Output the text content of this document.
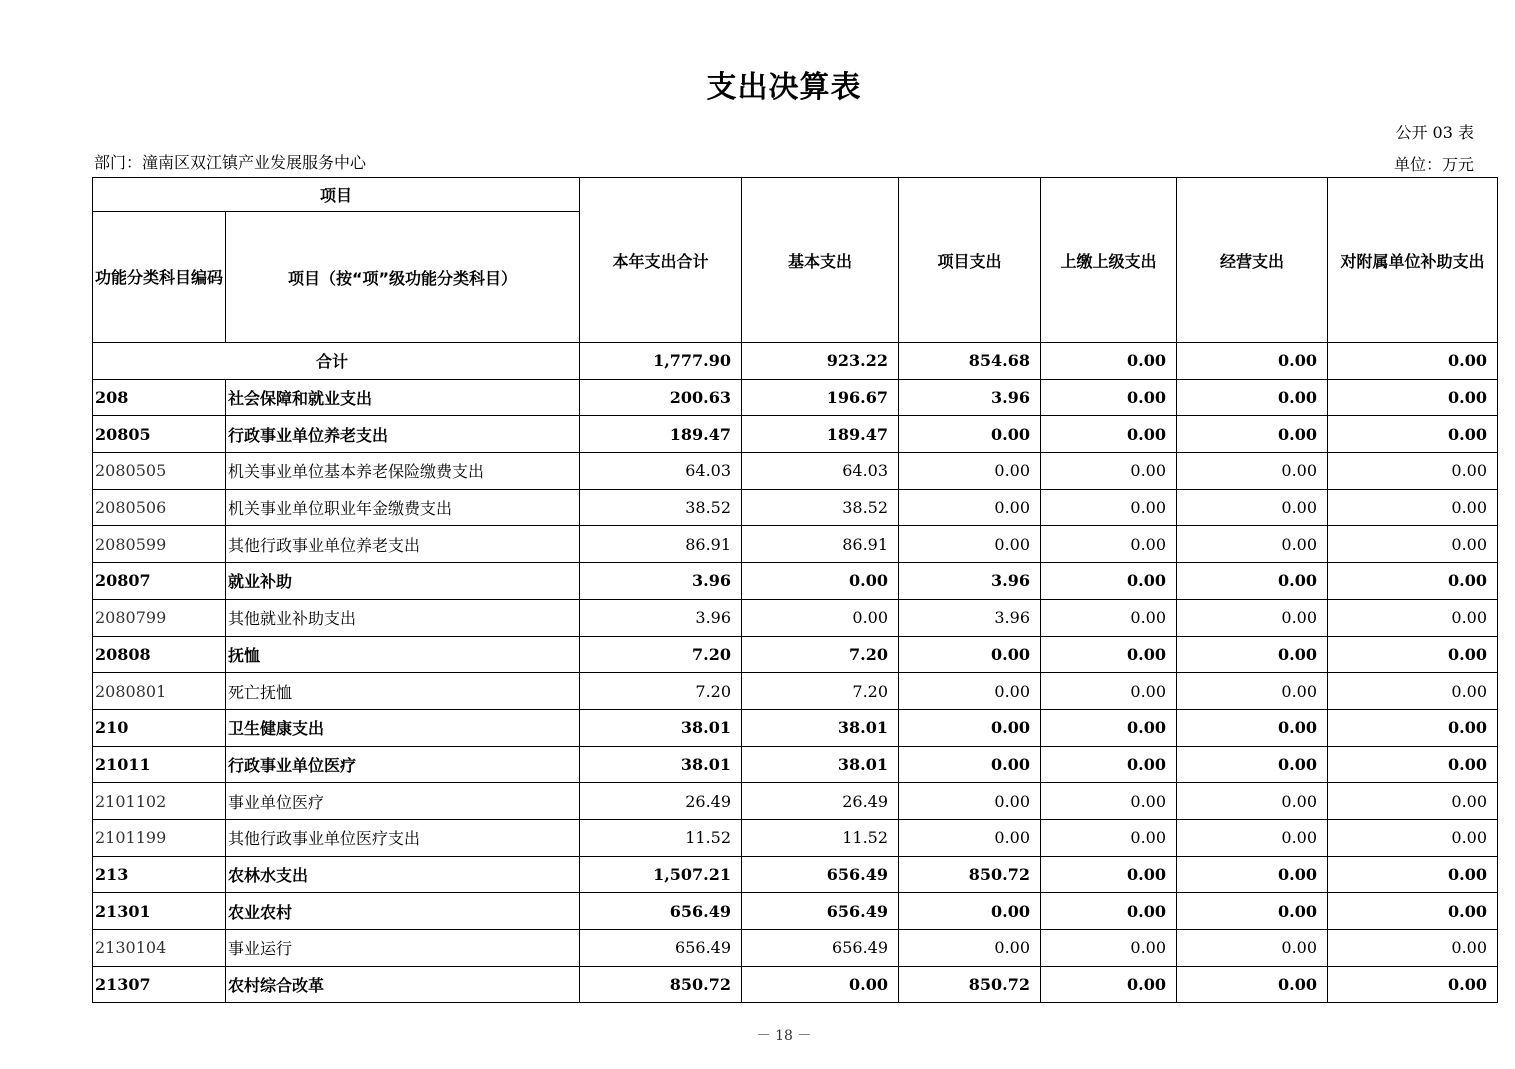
支出决算表
公开 03 表
部门：潼南区双江镇产业发展服务中心	单位：万元
项目		本年支出合计	基本支出	项目支出	上缴上级支出	经营支出	对附属单位补助支出
功能分类科目编码	项目（按“项”级功能分类科目）						
合计		1,777.90	923.22	854.68	0.00	0.00	0.00
208	社会保障和就业支出	200.63	196.67	3.96	0.00	0.00	0.00
20805	行政事业单位养老支出	189.47	189.47	0.00	0.00	0.00	0.00
2080505	机关事业单位基本养老保险缴费支出	64.03	64.03	0.00	0.00	0.00	0.00
2080506	机关事业单位职业年金缴费支出	38.52	38.52	0.00	0.00	0.00	0.00
2080599	其他行政事业单位养老支出	86.91	86.91	0.00	0.00	0.00	0.00
20807	就业补助	3.96	0.00	3.96	0.00	0.00	0.00
2080799	其他就业补助支出	3.96	0.00	3.96	0.00	0.00	0.00
20808	抚恤	7.20	7.20	0.00	0.00	0.00	0.00
2080801	死亡抚恤	7.20	7.20	0.00	0.00	0.00	0.00
210	卫生健康支出	38.01	38.01	0.00	0.00	0.00	0.00
21011	行政事业单位医疗	38.01	38.01	0.00	0.00	0.00	0.00
2101102	事业单位医疗	26.49	26.49	0.00	0.00	0.00	0.00
2101199	其他行政事业单位医疗支出	11.52	11.52	0.00	0.00	0.00	0.00
213	农林水支出	1,507.21	656.49	850.72	0.00	0.00	0.00
21301	农业农村	656.49	656.49	0.00	0.00	0.00	0.00
2130104	事业运行	656.49	656.49	0.00	0.00	0.00	0.00
21307	农村综合改革	850.72	0.00	850.72	0.00	0.00	0.00
－ 18 －
